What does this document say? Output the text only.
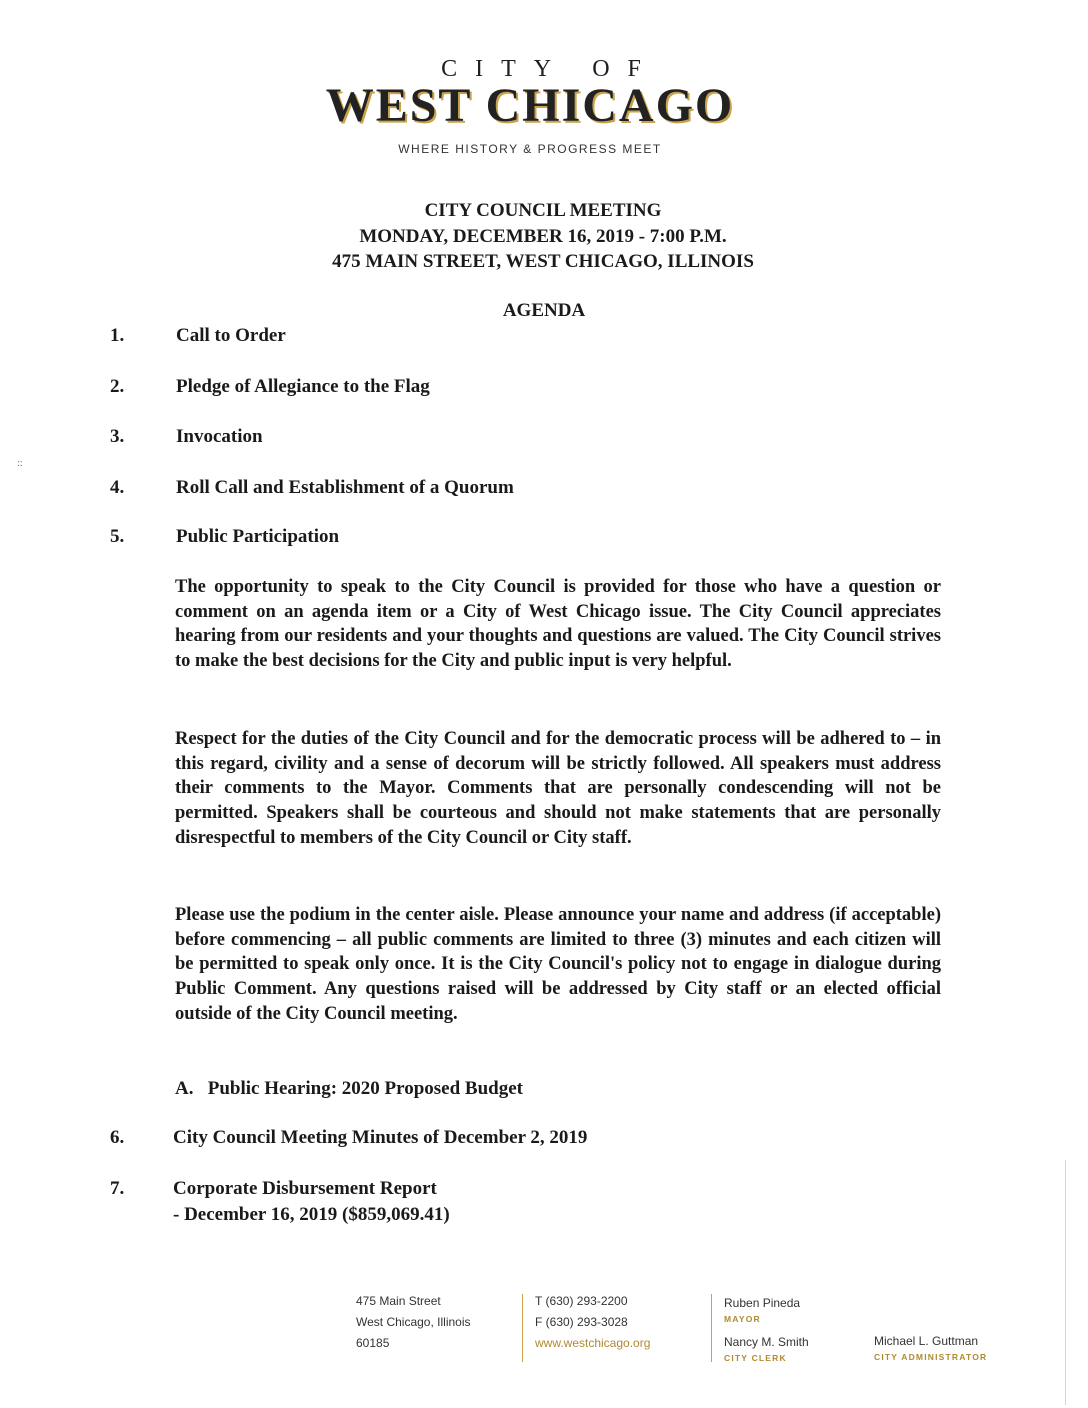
CITY OF
WEST CHICAGO
WHERE HISTORY & PROGRESS MEET
CITY COUNCIL MEETING
MONDAY, DECEMBER 16, 2019 - 7:00 P.M.
475 MAIN STREET, WEST CHICAGO, ILLINOIS
AGENDA
::
1.	Call to Order
2.	Pledge of Allegiance to the Flag
3.	Invocation
4.	Roll Call and Establishment of a Quorum
5.	Public Participation
The opportunity to speak to the City Council is provided for those who have a question or comment on an agenda item or a City of West Chicago issue. The City Council appreciates hearing from our residents and your thoughts and questions are valued. The City Council strives to make the best decisions for the City and public input is very helpful.
Respect for the duties of the City Council and for the democratic process will be adhered to – in this regard, civility and a sense of decorum will be strictly followed. All speakers must address their comments to the Mayor. Comments that are personally condescending will not be permitted. Speakers shall be courteous and should not make statements that are personally disrespectful to members of the City Council or City staff.
Please use the podium in the center aisle. Please announce your name and address (if acceptable) before commencing – all public comments are limited to three (3) minutes and each citizen will be permitted to speak only once. It is the City Council's policy not to engage in dialogue during Public Comment. Any questions raised will be addressed by City staff or an elected official outside of the City Council meeting.
A.   Public Hearing: 2020 Proposed Budget
6.	City Council Meeting Minutes of December 2, 2019
7.	Corporate Disbursement Report
- December 16, 2019 ($859,069.41)
475 Main Street
West Chicago, Illinois
60185
T (630) 293-2200
F (630) 293-3028
www.westchicago.org
Ruben Pineda
MAYOR
Nancy M. Smith
CITY CLERK
Michael L. Guttman
CITY ADMINISTRATOR
